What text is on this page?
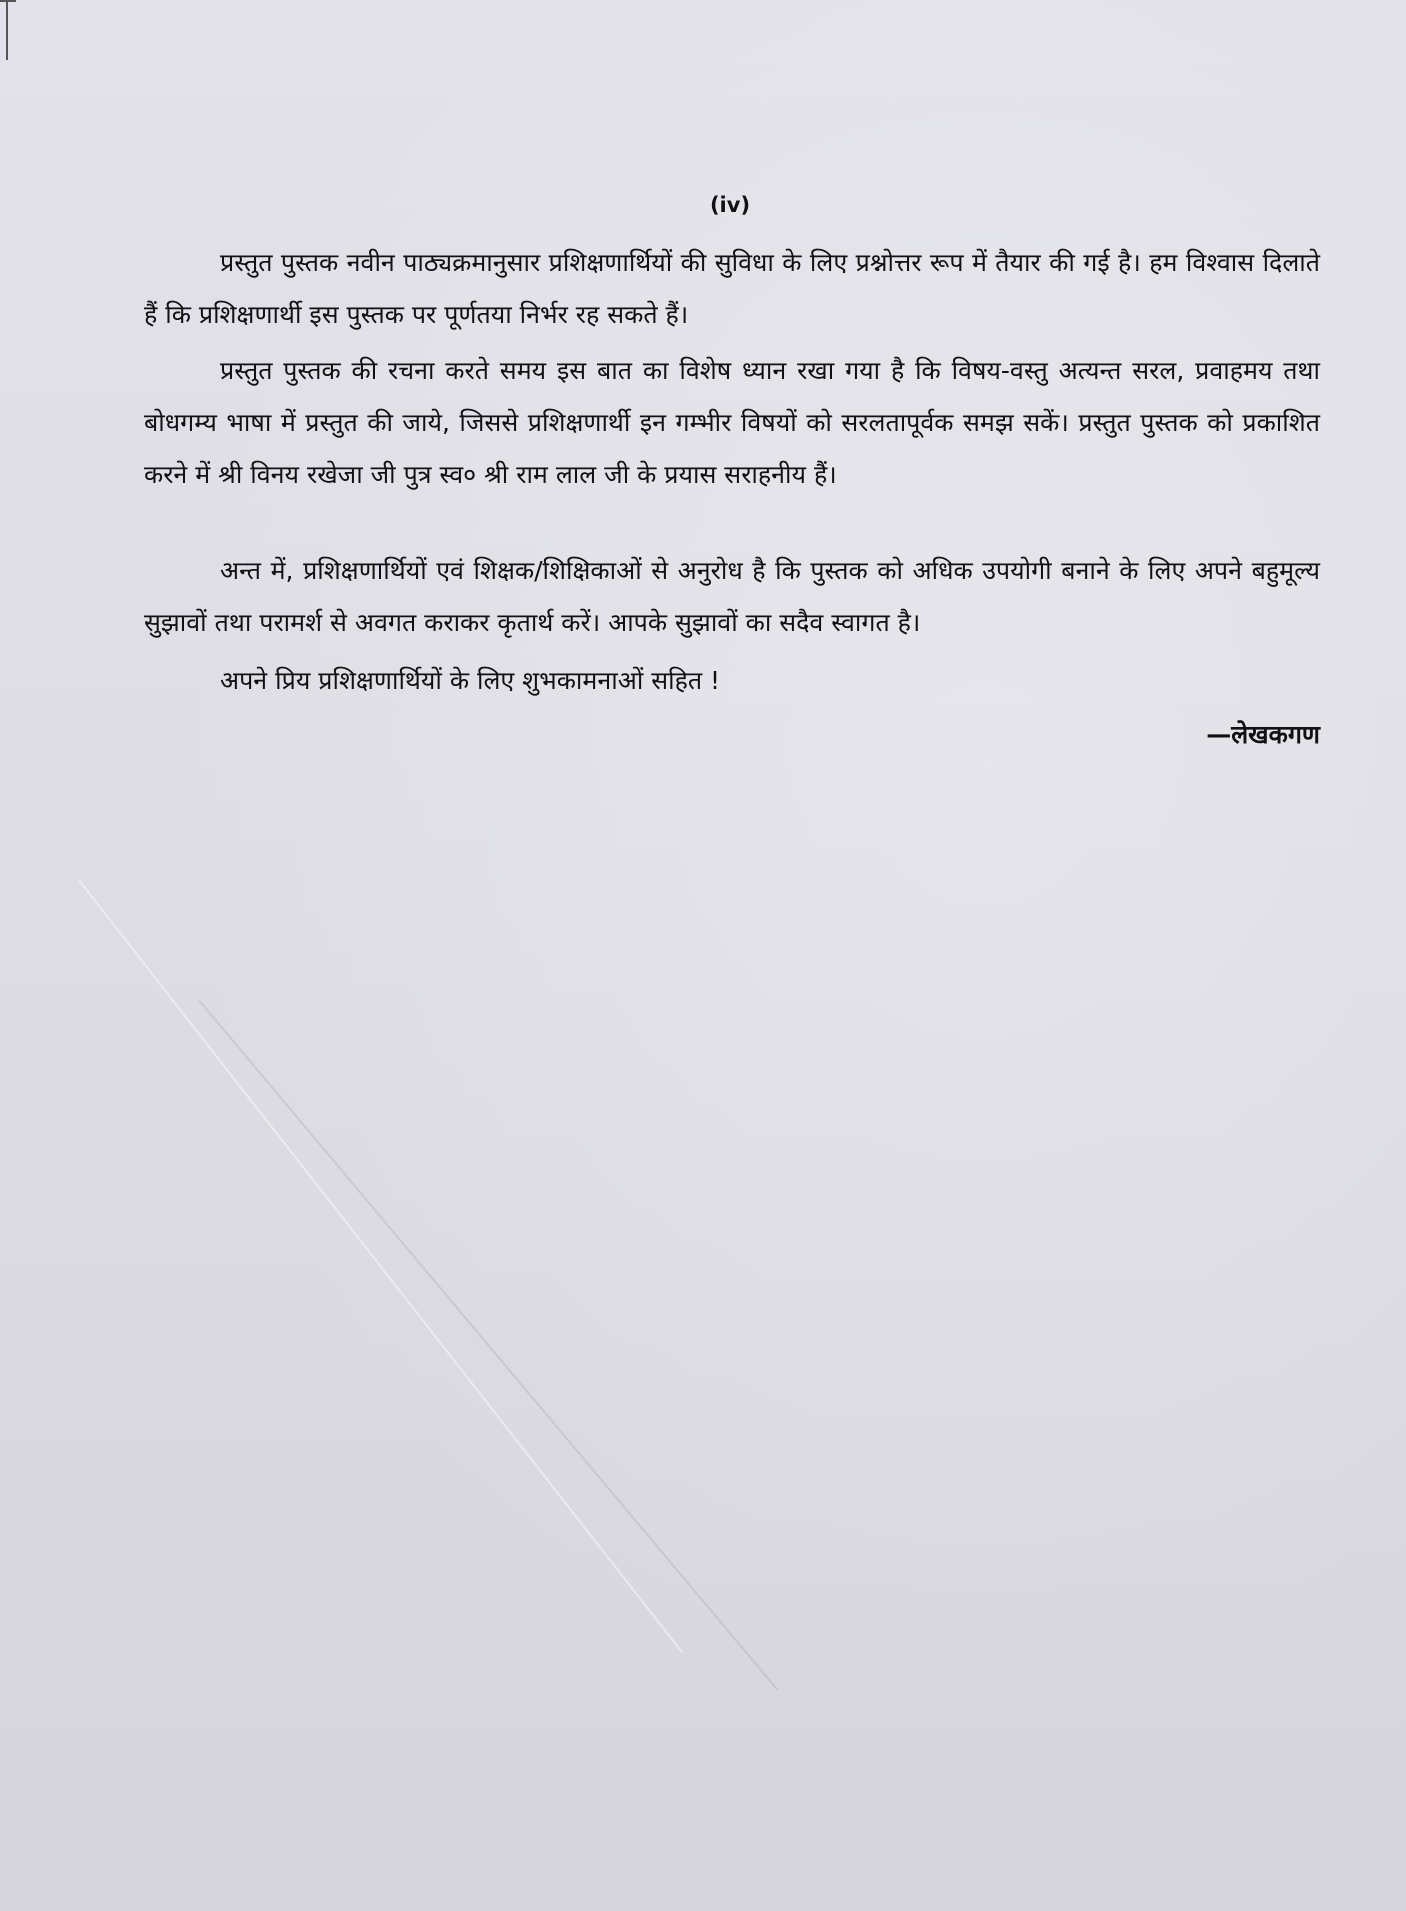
(iv)

प्रस्तुत पुस्तक नवीन पाठ्यक्रमानुसार प्रशिक्षणार्थियों की सुविधा के लिए प्रश्नोत्तर रूप में तैयार की गई है। हम विश्वास दिलाते हैं कि प्रशिक्षणार्थी इस पुस्तक पर पूर्णतया निर्भर रह सकते हैं।

प्रस्तुत पुस्तक की रचना करते समय इस बात का विशेष ध्यान रखा गया है कि विषय-वस्तु अत्यन्त सरल, प्रवाहमय तथा बोधगम्य भाषा में प्रस्तुत की जाये, जिससे प्रशिक्षणार्थी इन गम्भीर विषयों को सरलतापूर्वक समझ सकें। प्रस्तुत पुस्तक को प्रकाशित करने में श्री विनय रखेजा जी पुत्र स्व० श्री राम लाल जी के प्रयास सराहनीय हैं।

अन्त में, प्रशिक्षणार्थियों एवं शिक्षक/शिक्षिकाओं से अनुरोध है कि पुस्तक को अधिक उपयोगी बनाने के लिए अपने बहुमूल्य सुझावों तथा परामर्श से अवगत कराकर कृतार्थ करें। आपके सुझावों का सदैव स्वागत है।

अपने प्रिय प्रशिक्षणार्थियों के लिए शुभकामनाओं सहित !

—लेखकगण
